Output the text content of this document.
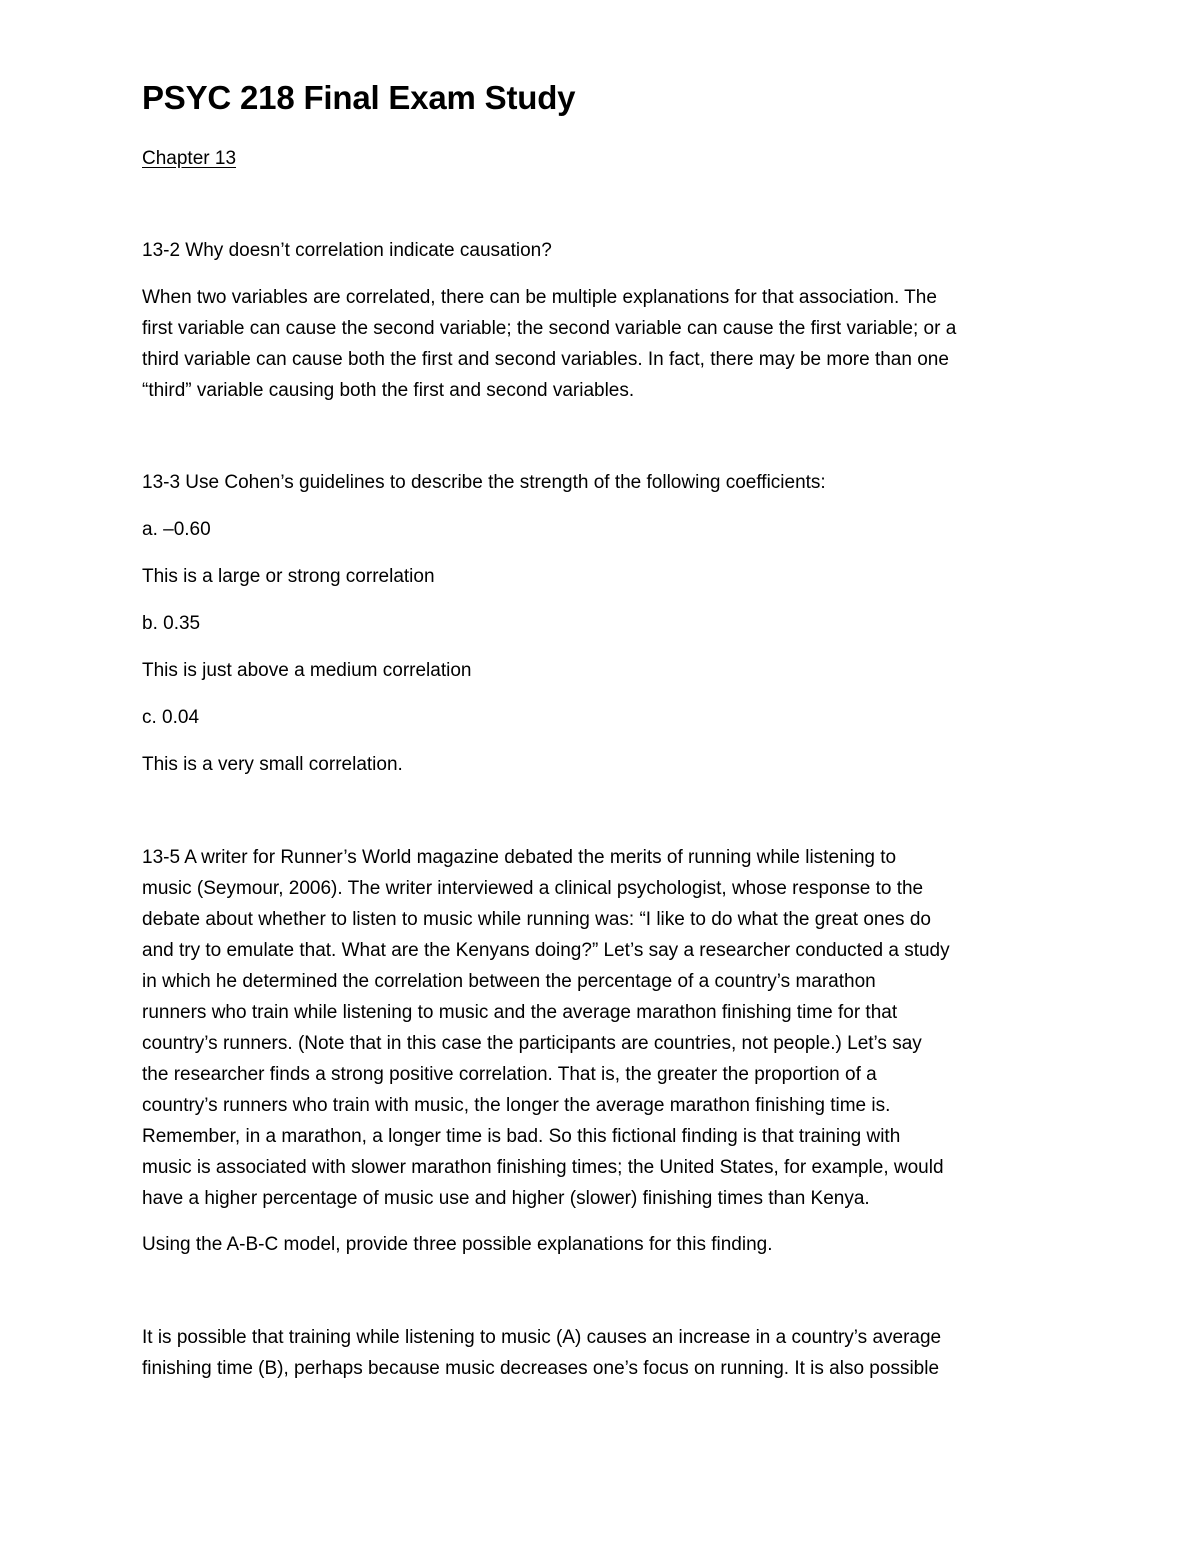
PSYC 218 Final Exam Study
Chapter 13
13-2 Why doesn’t correlation indicate causation?
When two variables are correlated, there can be multiple explanations for that association. The
first variable can cause the second variable; the second variable can cause the first variable; or a
third variable can cause both the first and second variables. In fact, there may be more than one
“third” variable causing both the first and second variables.
13-3 Use Cohen’s guidelines to describe the strength of the following coefficients:
a. –0.60
This is a large or strong correlation
b. 0.35
This is just above a medium correlation
c. 0.04
This is a very small correlation.
13-5 A writer for Runner’s World magazine debated the merits of running while listening to
music (Seymour, 2006). The writer interviewed a clinical psychologist, whose response to the
debate about whether to listen to music while running was: “I like to do what the great ones do
and try to emulate that. What are the Kenyans doing?” Let’s say a researcher conducted a study
in which he determined the correlation between the percentage of a country’s marathon
runners who train while listening to music and the average marathon finishing time for that
country’s runners. (Note that in this case the participants are countries, not people.) Let’s say
the researcher finds a strong positive correlation. That is, the greater the proportion of a
country’s runners who train with music, the longer the average marathon finishing time is.
Remember, in a marathon, a longer time is bad. So this fictional finding is that training with
music is associated with slower marathon finishing times; the United States, for example, would
have a higher percentage of music use and higher (slower) finishing times than Kenya.
Using the A-B-C model, provide three possible explanations for this finding.
It is possible that training while listening to music (A) causes an increase in a country’s average
finishing time (B), perhaps because music decreases one’s focus on running. It is also possible
